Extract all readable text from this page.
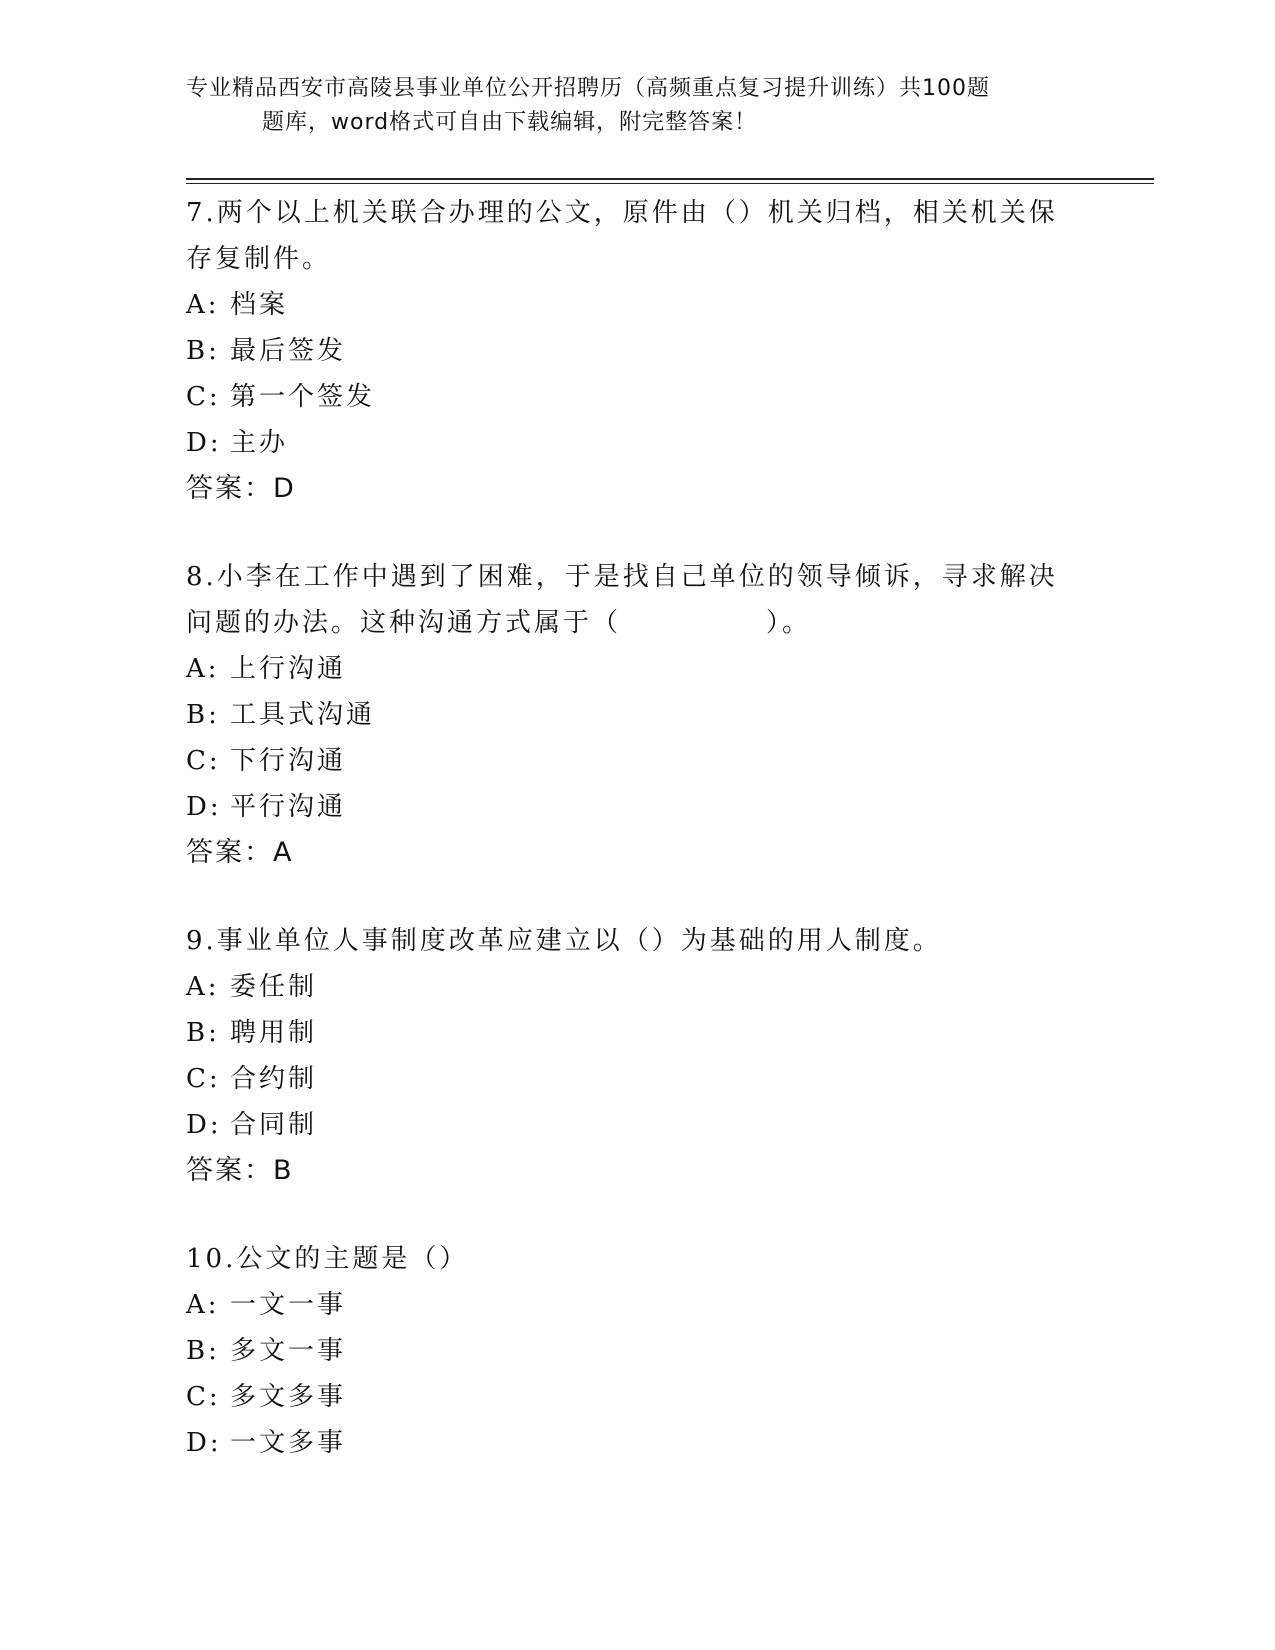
专业精品西安市高陵县事业单位公开招聘历（高频重点复习提升训练）共100题
题库，word格式可自由下载编辑，附完整答案！

7.两个以上机关联合办理的公文，原件由（）机关归档，相关机关保存复制件。

A: 档案

B: 最后签发

C: 第一个签发

D: 主办

答案：D

8.小李在工作中遇到了困难，于是找自己单位的领导倾诉，寻求解决问题的办法。这种沟通方式属于（　　　　　）。

A: 上行沟通

B: 工具式沟通

C: 下行沟通

D: 平行沟通

答案：A

9.事业单位人事制度改革应建立以（）为基础的用人制度。

A: 委任制

B: 聘用制

C: 合约制

D: 合同制

答案：B

10.公文的主题是（）

A: 一文一事

B: 多文一事

C: 多文多事

D: 一文多事
